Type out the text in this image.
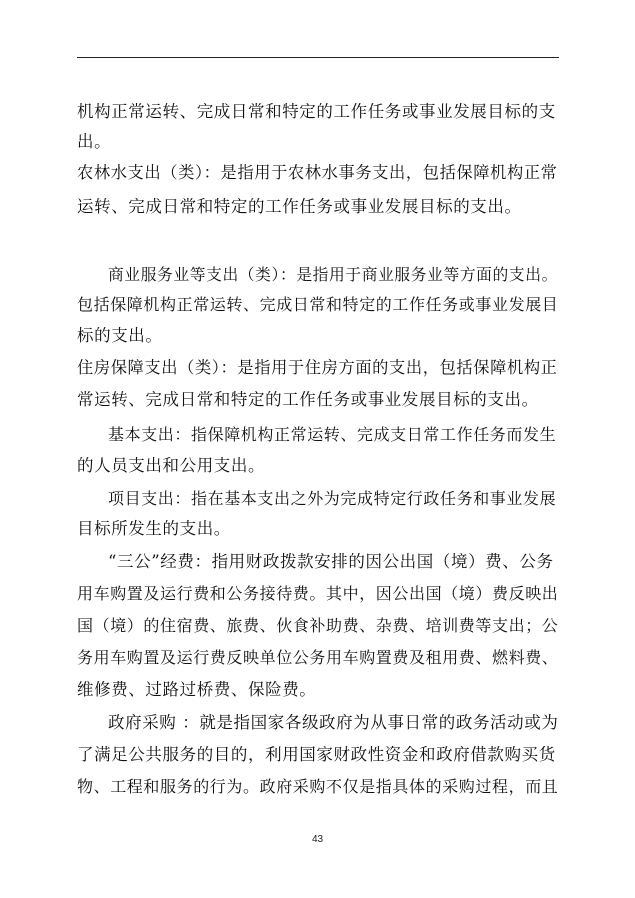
机构正常运转、完成日常和特定的工作任务或事业发展目标的支
出。
农林水支出（类）：是指用于农林水事务支出，包括保障机构正常
运转、完成日常和特定的工作任务或事业发展目标的支出。
商业服务业等支出（类）：是指用于商业服务业等方面的支出。
包括保障机构正常运转、完成日常和特定的工作任务或事业发展目
标的支出。
住房保障支出（类）：是指用于住房方面的支出，包括保障机构正
常运转、完成日常和特定的工作任务或事业发展目标的支出。
基本支出：指保障机构正常运转、完成支日常工作任务而发生
的人员支出和公用支出。
项目支出：指在基本支出之外为完成特定行政任务和事业发展
目标所发生的支出。
“三公”经费：指用财政拨款安排的因公出国（境）费、公务
用车购置及运行费和公务接待费。其中，因公出国（境）费反映出
国（境）的住宿费、旅费、伙食补助费、杂费、培训费等支出；公
务用车购置及运行费反映单位公务用车购置费及租用费、燃料费、
维修费、过路过桥费、保险费。
政府采购 ：就是指国家各级政府为从事日常的政务活动或为
了满足公共服务的目的，利用国家财政性资金和政府借款购买货
物、工程和服务的行为。政府采购不仅是指具体的采购过程，而且
43
